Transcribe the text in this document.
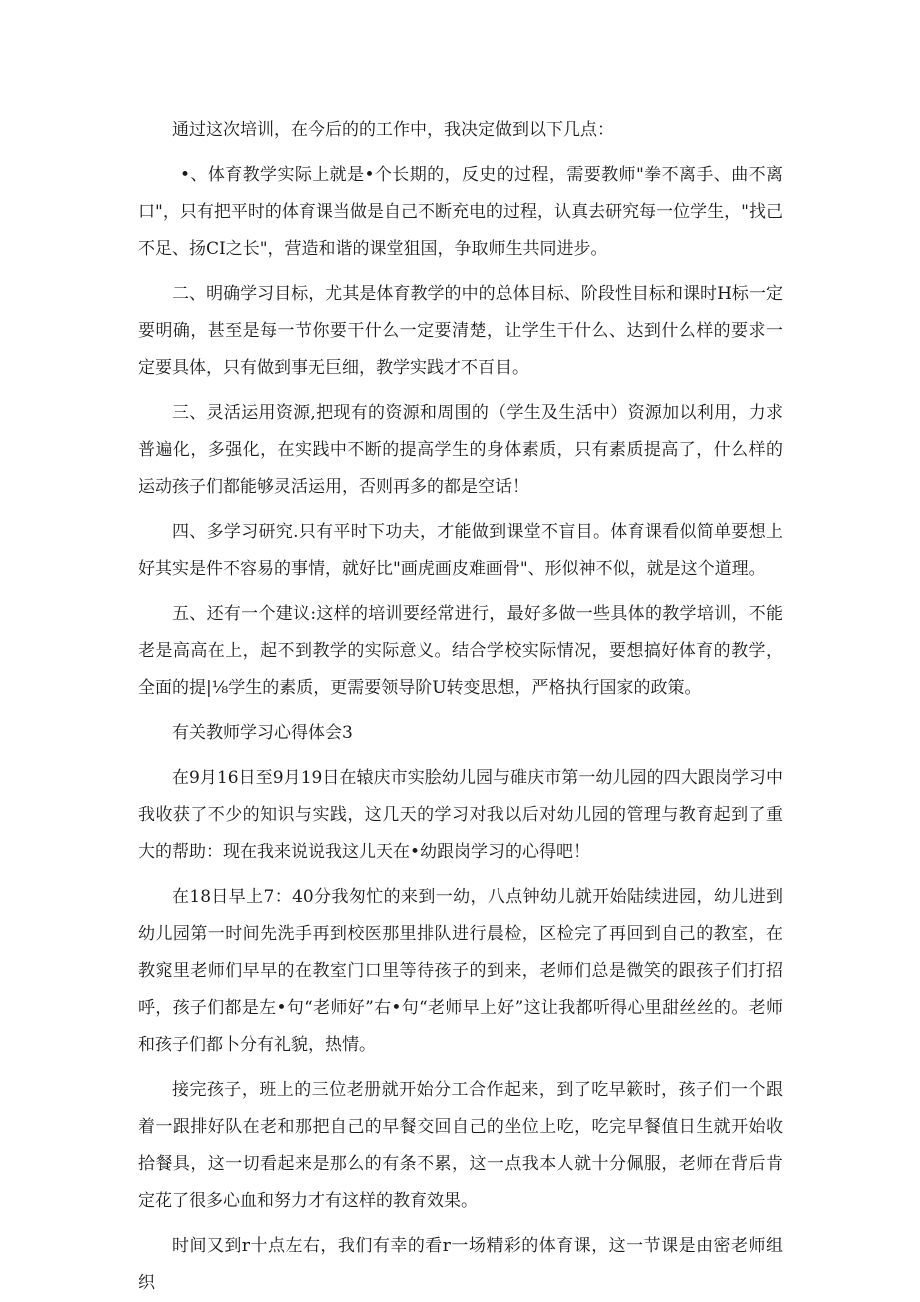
通过这次培训，在今后的的工作中，我决定做到以下几点：

•、体育教学实际上就是•个长期的，反史的过程，需要教师"拳不离手、曲不离口"，只有把平时的体育课当做是自己不断充电的过程，认真去研究每一位学生，"找己不足、扬CI之长"，营造和谐的课堂狙国，争取师生共同进步。

二、明确学习目标，尤其是体育教学的中的总体目标、阶段性目标和课时H标一定要明确，甚至是每一节你要干什么一定要清楚，让学生干什么、达到什么样的要求一定要具体，只有做到事无巨细，教学实践才不百目。

三、灵活运用资源,把现有的资源和周围的（学生及生活中）资源加以利用，力求普遍化，多强化，在实践中不断的提高学生的身体素质，只有素质提高了，什么样的运动孩子们都能够灵活运用，否则再多的都是空话！

四、多学习研究.只有平时下功夫，才能做到课堂不盲目。体育课看似简单要想上好其实是件不容易的事情，就好比"画虎画皮难画骨"、形似神不似，就是这个道理。

五、还有一个建议:这样的培训要经常进行，最好多做一些具体的教学培训，不能老是高高在上，起不到教学的实际意义。结合学校实际情况，要想搞好体育的教学，全面的提|⅛学生的素质，更需要领导阶U转变思想，严格执行国家的政策。

有关教师学习心得体会3

在9月16日至9月19日在辕庆市实脍幼儿园与碓庆市第一幼儿园的四大跟岗学习中我收获了不少的知识与实践，这几天的学习对我以后对幼儿园的管理与教育起到了重大的帮助：现在我来说说我这儿天在•幼跟岗学习的心得吧！

在18日早上7：40分我匆忙的来到一幼，八点钟幼儿就开始陆续进园，幼儿进到幼儿园第一时间先洗手再到校医那里排队进行晨检，区检完了再回到自己的教室，在教窕里老师们早早的在教室门口里等待孩子的到来，老师们总是微笑的跟孩子们打招呼，孩子们都是左•句“老师好”右•句“老师早上好”这让我都听得心里甜丝丝的。老师和孩子们都卜分有礼貌，热情。

接完孩子，班上的三位老册就开始分工合作起来，到了吃早簌时，孩子们一个跟着一跟排好队在老和那把自己的早餐交回自己的坐位上吃，吃完早餐值日生就开始收拾餐具，这一切看起来是那么的有条不累，这一点我本人就十分佩服，老师在背后肯定花了很多心血和努力才有这样的教育效果。

时间又到r十点左右，我们有幸的看r一场精彩的体育课，这一节课是由密老师组织
